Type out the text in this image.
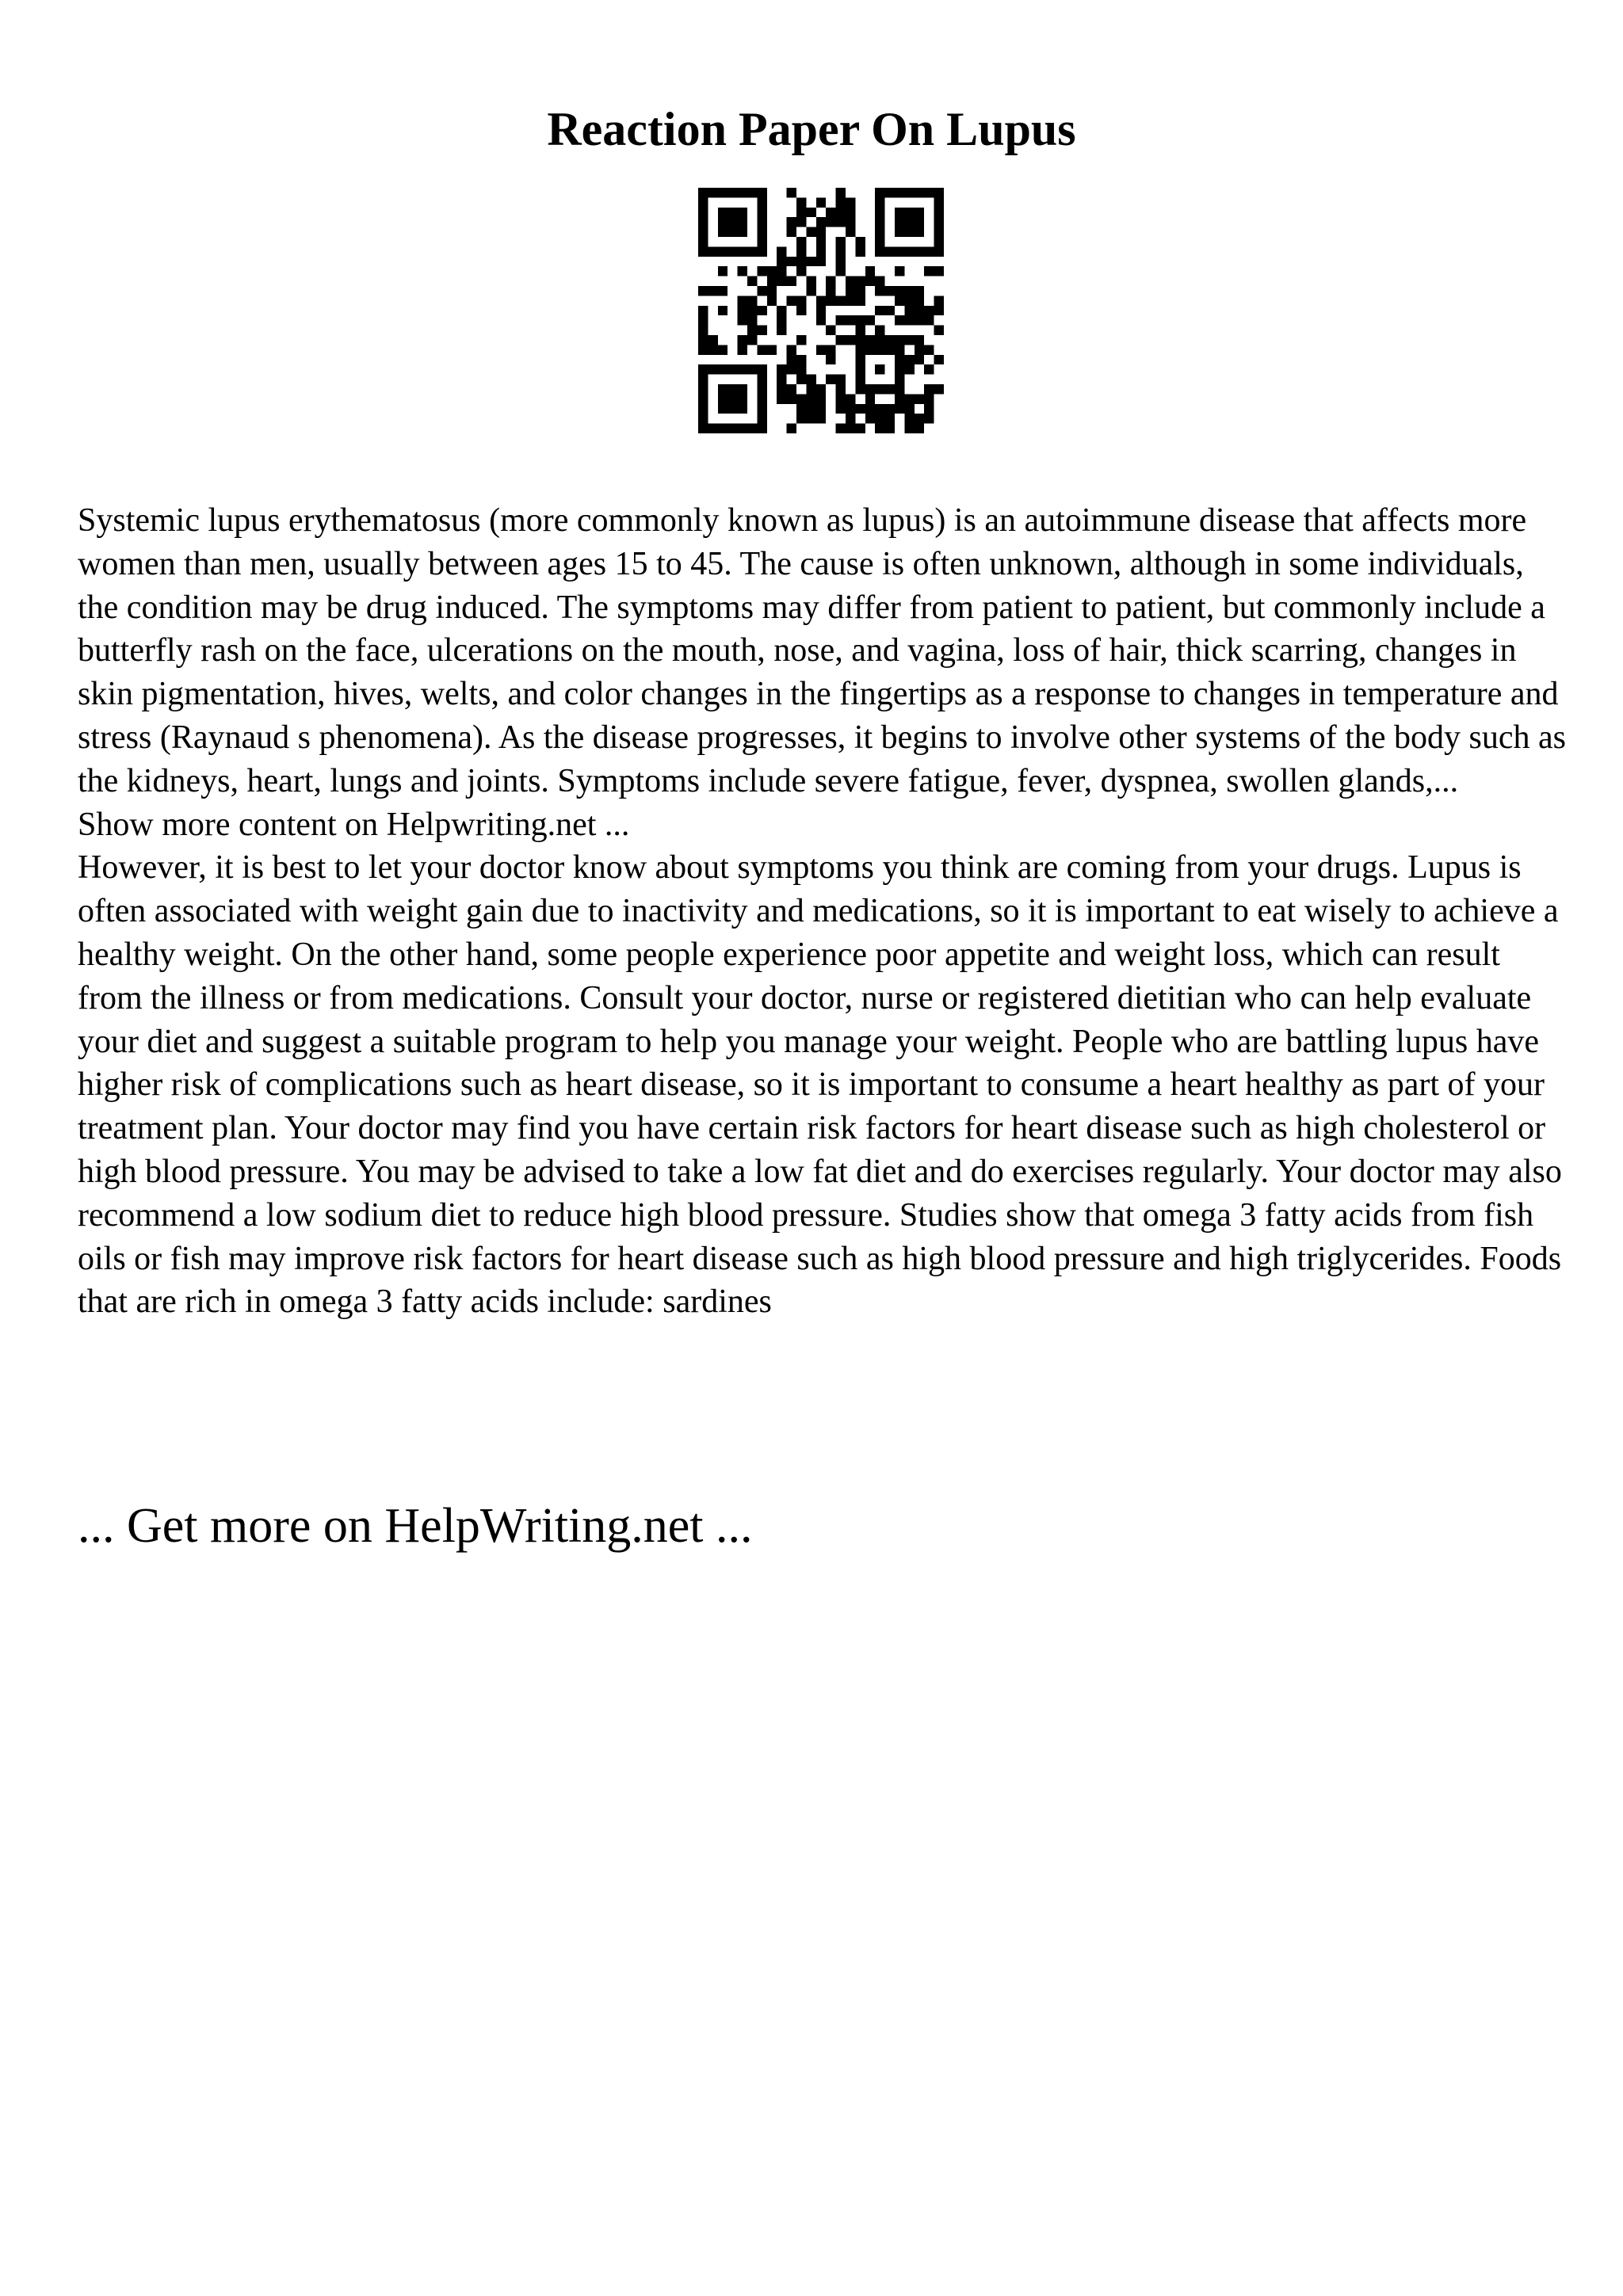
Reaction Paper On Lupus

Systemic lupus erythematosus (more commonly known as lupus) is an autoimmune disease that affects more women than men, usually between ages 15 to 45. The cause is often unknown, although in some individuals, the condition may be drug induced. The symptoms may differ from patient to patient, but commonly include a butterfly rash on the face, ulcerations on the mouth, nose, and vagina, loss of hair, thick scarring, changes in skin pigmentation, hives, welts, and color changes in the fingertips as a response to changes in temperature and stress (Raynaud s phenomena). As the disease progresses, it begins to involve other systems of the body such as the kidneys, heart, lungs and joints. Symptoms include severe fatigue, fever, dyspnea, swollen glands,...

Show more content on Helpwriting.net ...

However, it is best to let your doctor know about symptoms you think are coming from your drugs. Lupus is often associated with weight gain due to inactivity and medications, so it is important to eat wisely to achieve a healthy weight. On the other hand, some people experience poor appetite and weight loss, which can result from the illness or from medications. Consult your doctor, nurse or registered dietitian who can help evaluate your diet and suggest a suitable program to help you manage your weight. People who are battling lupus have higher risk of complications such as heart disease, so it is important to consume a heart healthy as part of your treatment plan. Your doctor may find you have certain risk factors for heart disease such as high cholesterol or high blood pressure. You may be advised to take a low fat diet and do exercises regularly. Your doctor may also recommend a low sodium diet to reduce high blood pressure. Studies show that omega 3 fatty acids from fish oils or fish may improve risk factors for heart disease such as high blood pressure and high triglycerides. Foods that are rich in omega 3 fatty acids include: sardines

... Get more on HelpWriting.net ...
